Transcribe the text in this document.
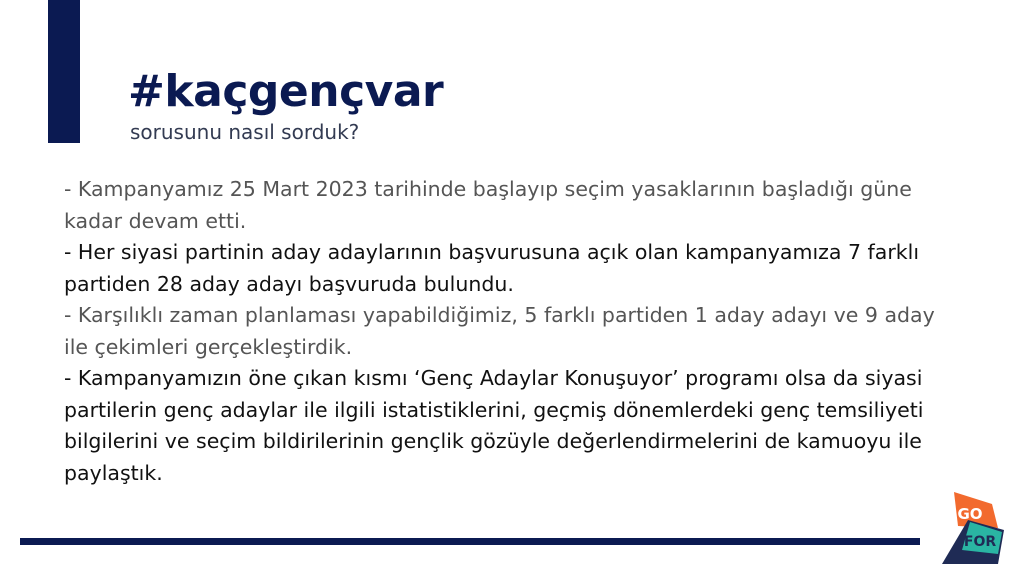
#kaçgençvar

sorusunu nasıl sorduk?

- Kampanyamız 25 Mart 2023 tarihinde başlayıp seçim yasaklarının başladığı güne kadar devam etti.

- Her siyasi partinin aday adaylarının başvurusuna açık olan kampanyamıza 7 farklı partiden 28 aday adayı başvuruda bulundu.

- Karşılıklı zaman planlaması yapabildiğimiz, 5 farklı partiden 1 aday adayı ve 9 aday ile çekimleri gerçekleştirdik.

- Kampanyamızın öne çıkan kısmı ‘Genç Adaylar Konuşuyor’ programı olsa da siyasi partilerin genç adaylar ile ilgili istatistiklerini, geçmiş dönemlerdeki genç temsiliyeti bilgilerini ve seçim bildirilerinin gençlik gözüyle değerlendirmelerini de kamuoyu ile paylaştık.

GO
FOR
